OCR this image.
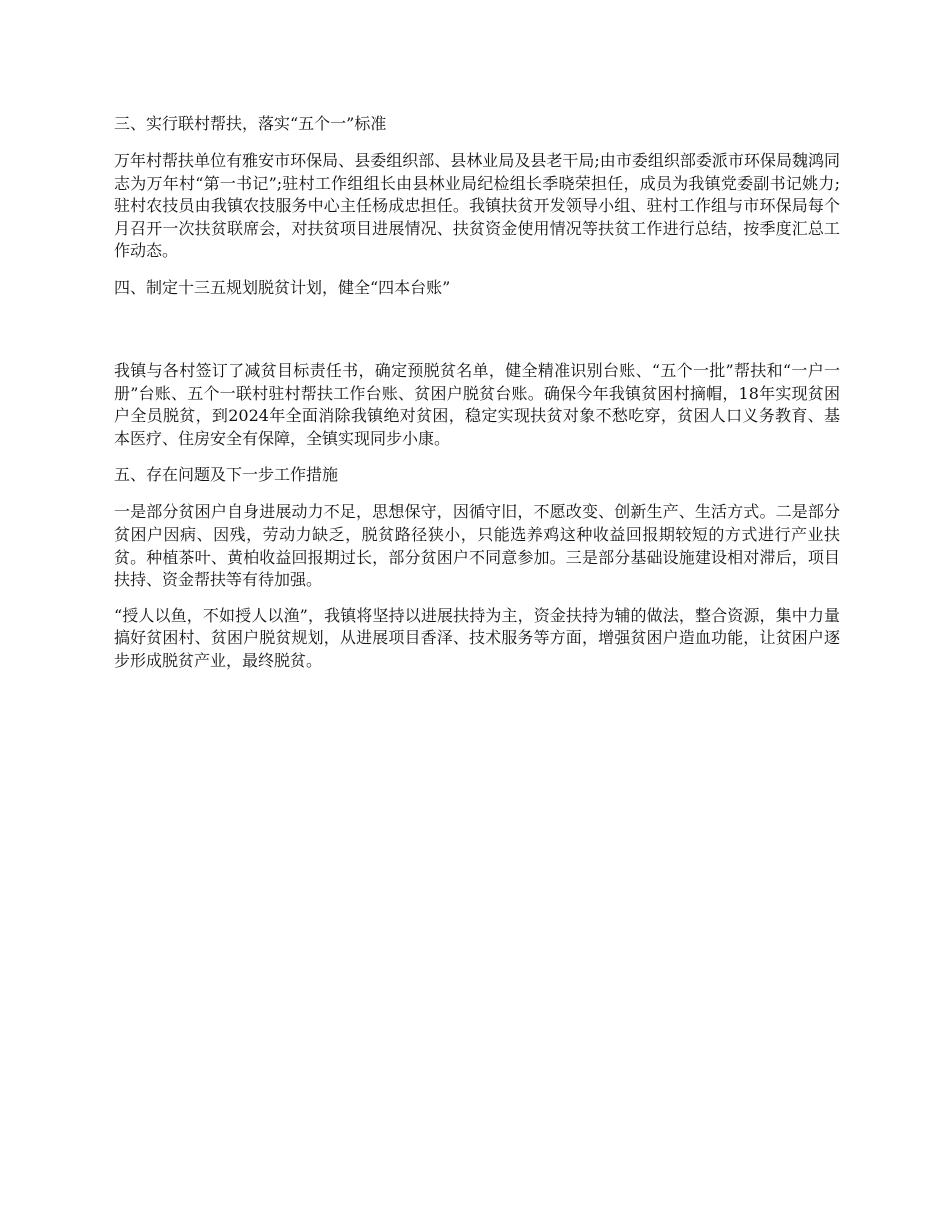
三、实行联村帮扶，落实“五个一”标准

万年村帮扶单位有雅安市环保局、县委组织部、县林业局及县老干局;由市委组织部委派市环保局魏鸿同志为万年村“第一书记”;驻村工作组组长由县林业局纪检组长季晓荣担任，成员为我镇党委副书记姚力;驻村农技员由我镇农技服务中心主任杨成忠担任。我镇扶贫开发领导小组、驻村工作组与市环保局每个月召开一次扶贫联席会，对扶贫项目进展情况、扶贫资金使用情况等扶贫工作进行总结，按季度汇总工作动态。

四、制定十三五规划脱贫计划，健全“四本台账”

我镇与各村签订了减贫目标责任书，确定预脱贫名单，健全精准识别台账、“五个一批”帮扶和“一户一册”台账、五个一联村驻村帮扶工作台账、贫困户脱贫台账。确保今年我镇贫困村摘帽，18年实现贫困户全员脱贫，到2024年全面消除我镇绝对贫困，稳定实现扶贫对象不愁吃穿，贫困人口义务教育、基本医疗、住房安全有保障，全镇实现同步小康。

五、存在问题及下一步工作措施

一是部分贫困户自身进展动力不足，思想保守，因循守旧，不愿改变、创新生产、生活方式。二是部分贫困户因病、因残，劳动力缺乏，脱贫路径狭小，只能选养鸡这种收益回报期较短的方式进行产业扶贫。种植茶叶、黄柏收益回报期过长，部分贫困户不同意参加。三是部分基础设施建设相对滞后，项目扶持、资金帮扶等有待加强。

“授人以鱼，不如授人以渔”，我镇将坚持以进展扶持为主，资金扶持为辅的做法，整合资源，集中力量搞好贫困村、贫困户脱贫规划，从进展项目香泽、技术服务等方面，增强贫困户造血功能，让贫困户逐步形成脱贫产业，最终脱贫。
